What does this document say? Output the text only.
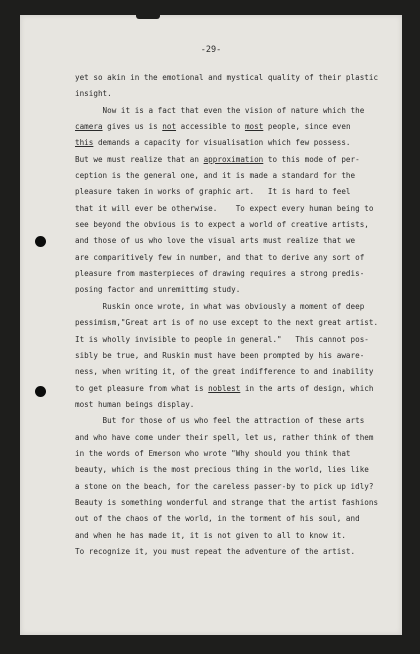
-29-
yet so akin in the emotional and mystical quality of their plastic
insight.
Now it is a fact that even the vision of nature which the
camera gives us is not accessible to most people, since even
this demands a capacity for visualisation which few possess.
But we must realize that an approximation to this mode of per-
ception is the general one, and it is made a standard for the
pleasure taken in works of graphic art.   It is hard to feel
that it will ever be otherwise.    To expect every human being to
see beyond the obvious is to expect a world of creative artists,
and those of us who love the visual arts must realize that we
are comparitively few in number, and that to derive any sort of
pleasure from masterpieces of drawing requires a strong predis-
posing factor and unremittimg study.
Ruskin once wrote, in what was obviously a moment of deep
pessimism,"Great art is of no use except to the next great artist.
It is wholly invisible to people in general."   This cannot pos-
sibly be true, and Ruskin must have been prompted by his aware-
ness, when writing it, of the great indifference to and inability
to get pleasure from what is noblest in the arts of design, which
most human beings display.
But for those of us who feel the attraction of these arts
and who have come under their spell, let us, rather think of them
in the words of Emerson who wrote "Why should you think that
beauty, which is the most precious thing in the world, lies like
a stone on the beach, for the careless passer-by to pick up idly?
Beauty is something wonderful and strange that the artist fashions
out of the chaos of the world, in the torment of his soul, and
and when he has made it, it is not given to all to know it.
To recognize it, you must repeat the adventure of the artist.
